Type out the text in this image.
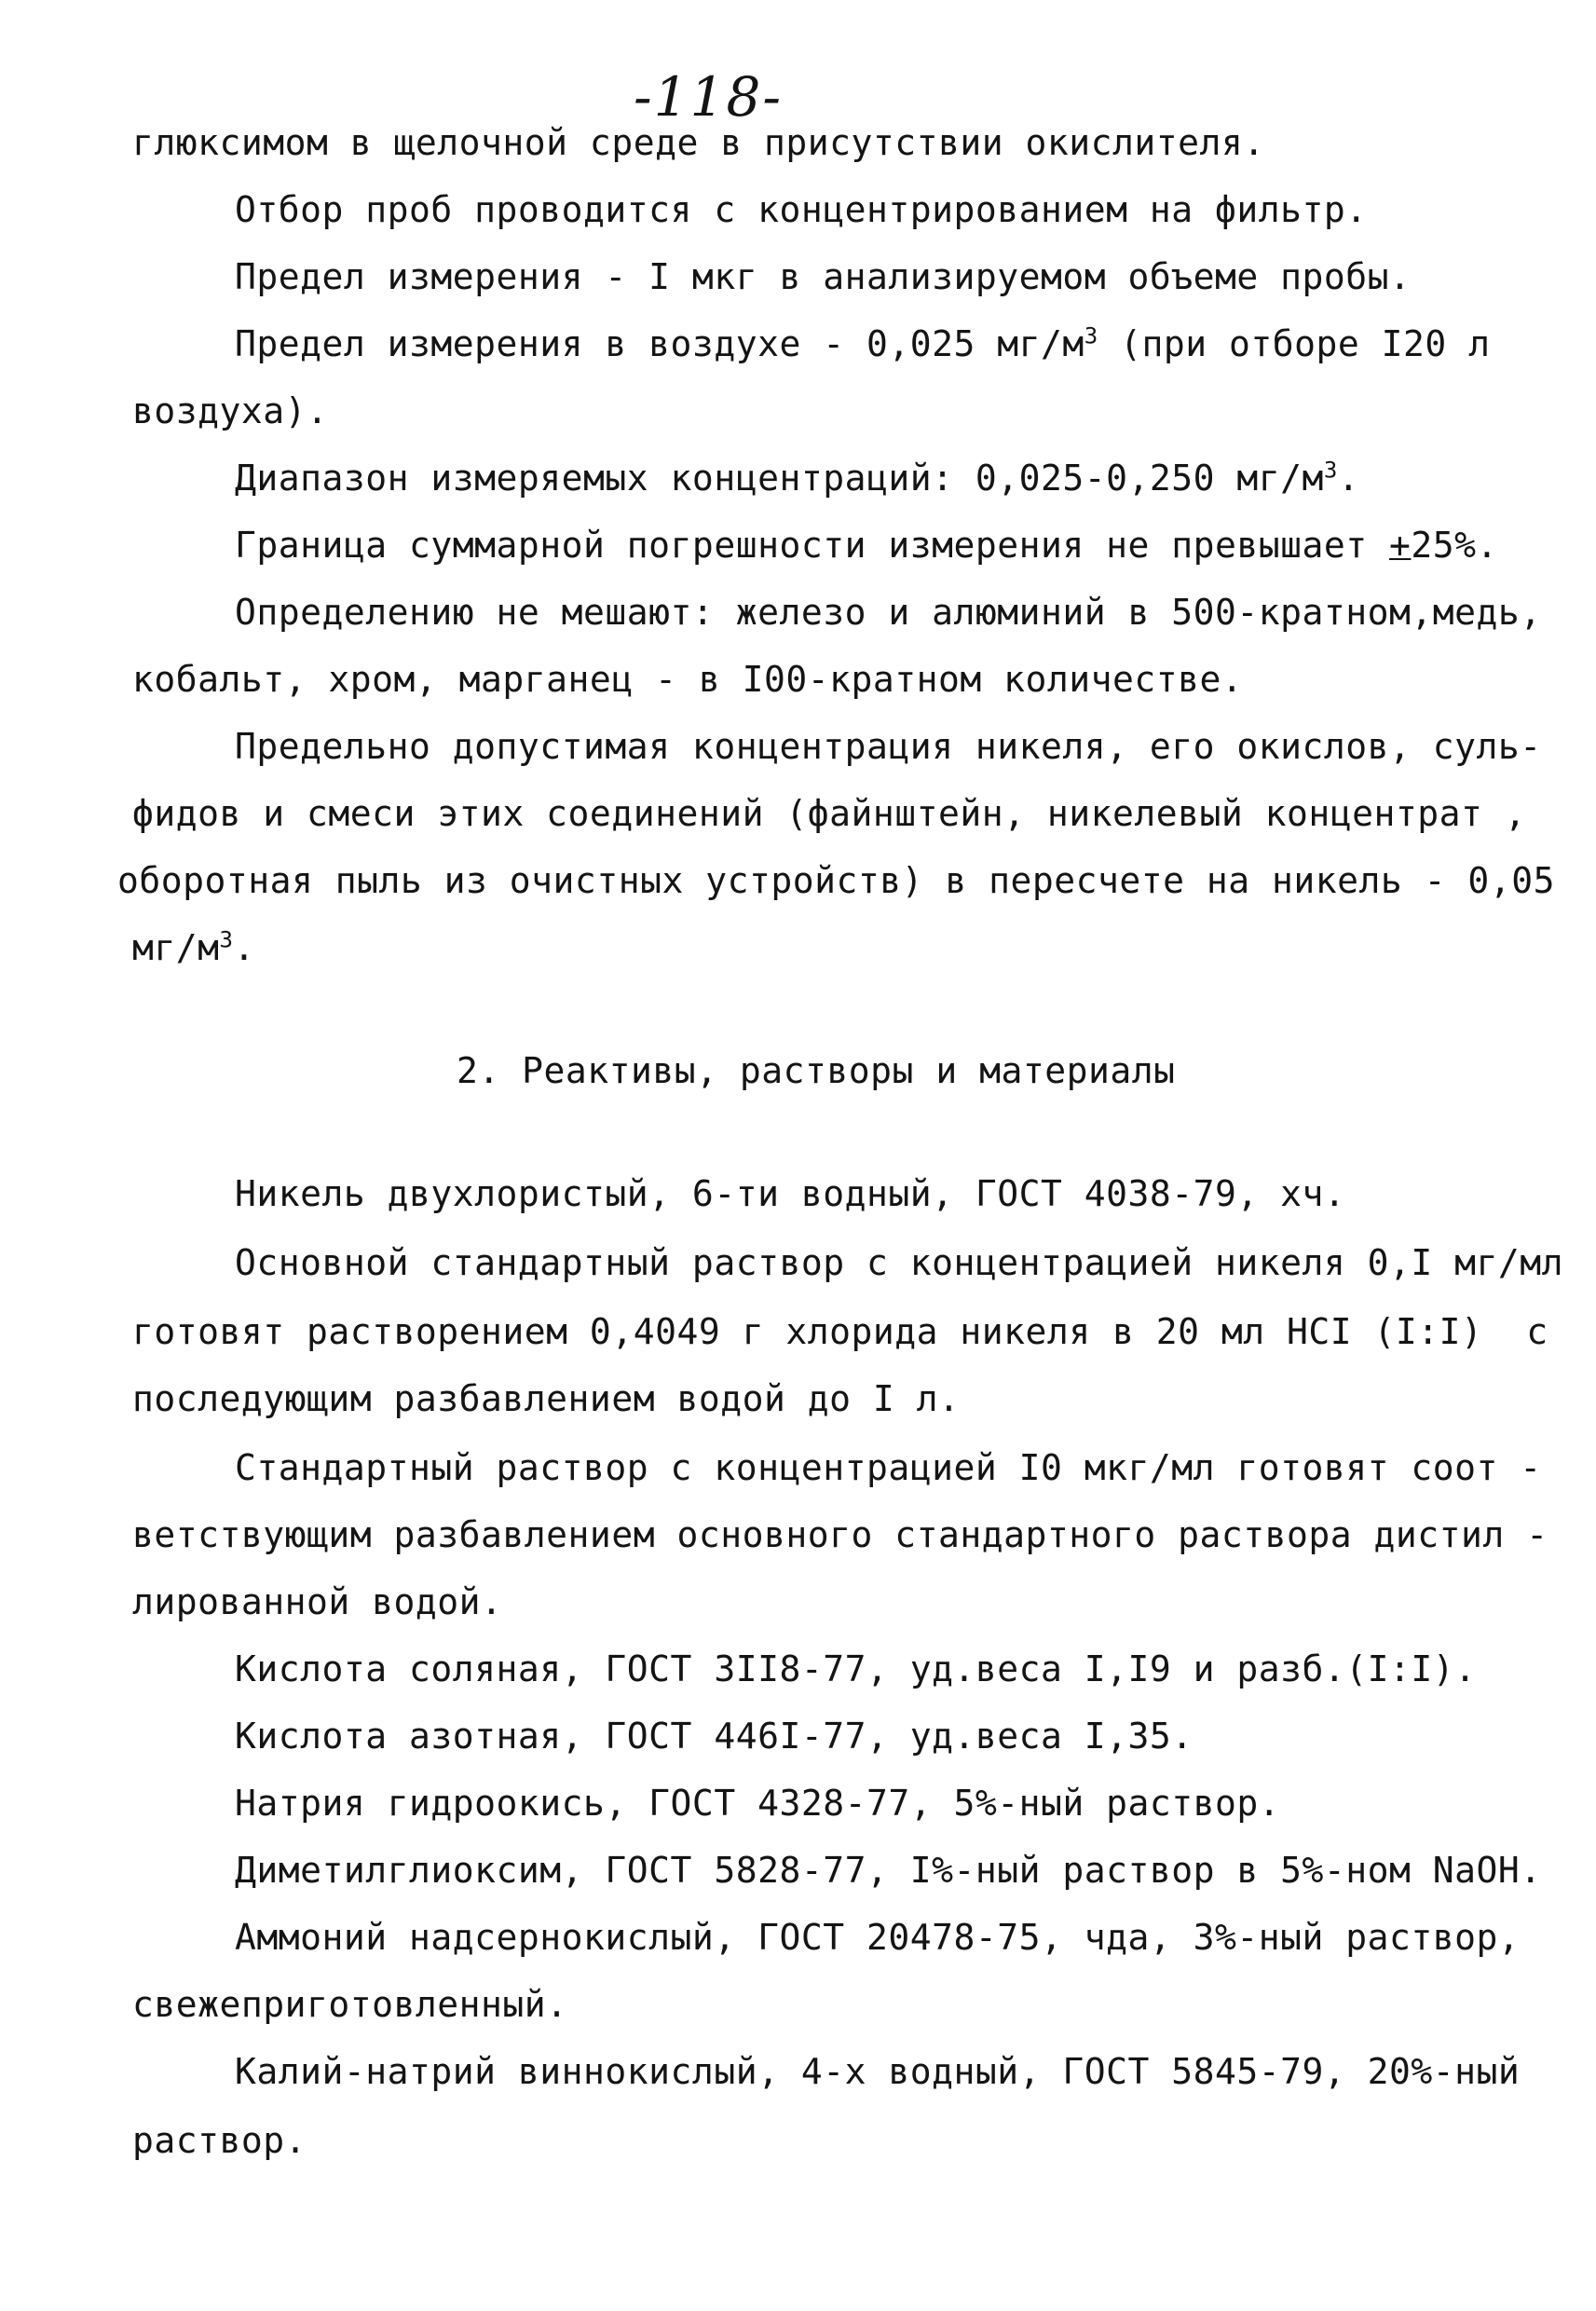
-118-
глюксимом в щелочной среде в присутствии окислителя.
Отбор проб проводится с концентрированием на фильтр.
Предел измерения - I мкг в анализируемом объеме пробы.
Предел измерения в воздухе - 0,025 $мг/м^3$ (при отборе I20 л
воздуха).
Диапазон измеряемых концентраций: 0,025-0,250 $мг/м^3$.
Граница суммарной погрешности измерения не превышает +25%.
Определению не мешают: железо и алюминий в 500-кратном,медь,
кобальт, хром, марганец - в I00-кратном количестве.
Предельно допустимая концентрация никеля, его окислов, суль-
фидов и смеси этих соединений (файнштейн, никелевый концентрат ,
оборотная пыль из очистных устройств) в пересчете на никель - 0,05
$мг/м^3$.
2. Реактивы, растворы и материалы
Никель двухлористый, 6-ти водный, ГОСТ 4038-79, хч.
Основной стандартный раствор с концентрацией никеля 0,I мг/мл
готовят растворением 0,4049 г хлорида никеля в 20 мл HCI (I:I)  с
последующим разбавлением водой до I л.
Стандартный раствор с концентрацией I0 мкг/мл готовят соот -
ветствующим разбавлением основного стандартного раствора дистил -
лированной водой.
Кислота соляная, ГОСТ 3II8-77, уд.веса I,I9 и разб.(I:I).
Кислота азотная, ГОСТ 446I-77, уд.веса I,35.
Натрия гидроокись, ГОСТ 4328-77, 5%-ный раствор.
Диметилглиоксим, ГОСТ 5828-77, I%-ный раствор в 5%-ном NaOH.
Аммоний надсернокислый, ГОСТ 20478-75, чда, 3%-ный раствор,
свежеприготовленный.
Калий-натрий виннокислый, 4-х водный, ГОСТ 5845-79, 20%-ный
раствор.
